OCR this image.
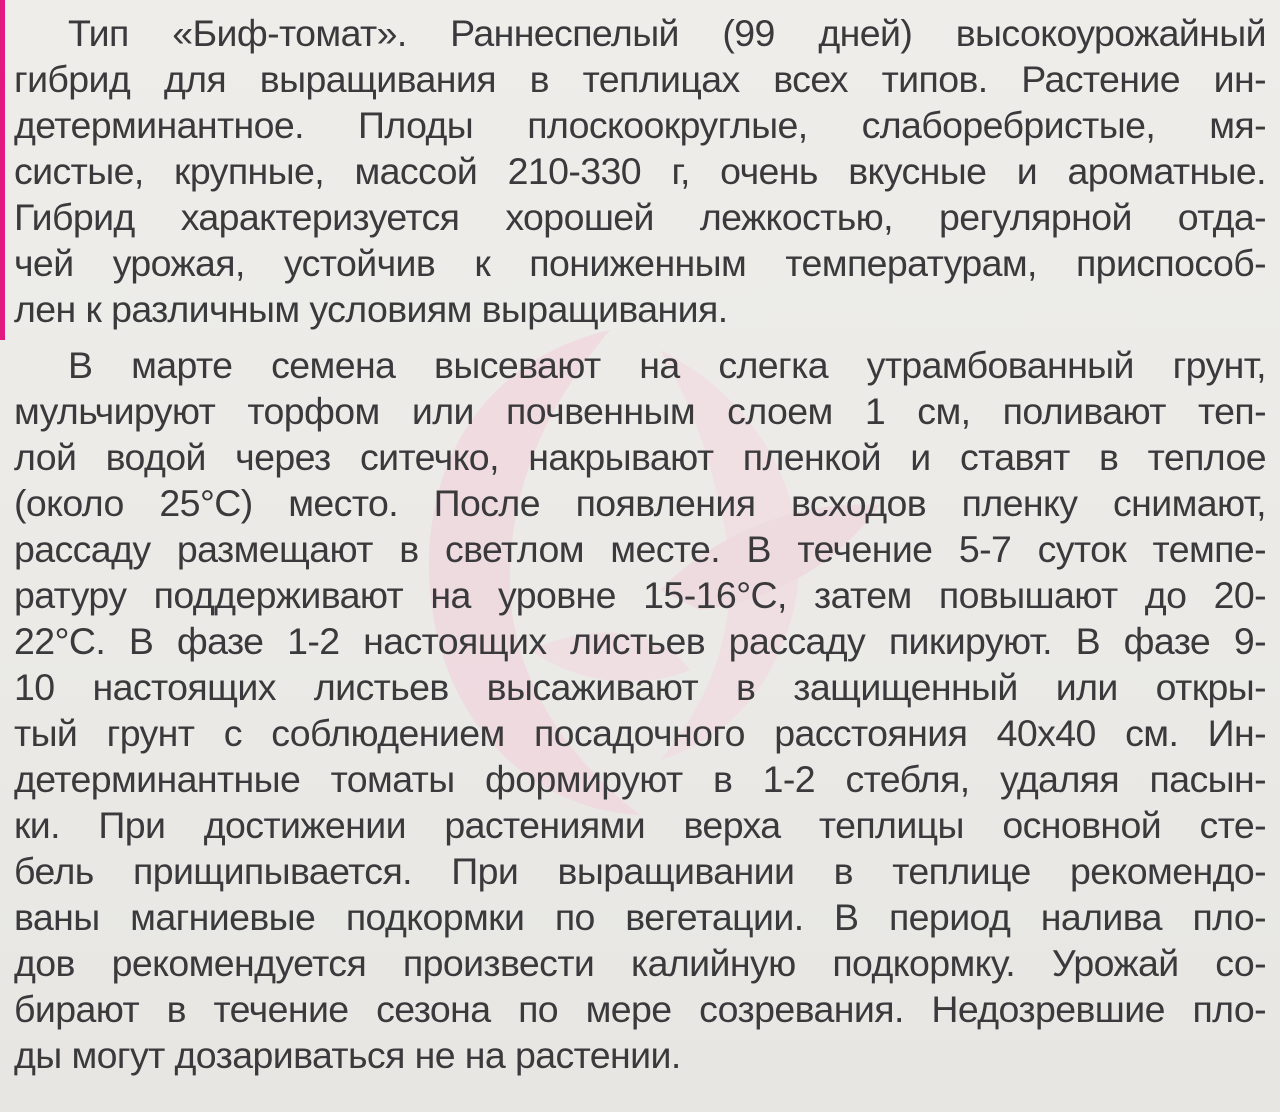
Тип «Биф-томат». Раннеспелый (99 дней) высокоурожайный
гибрид для выращивания в теплицах всех типов. Растение ин-
детерминантное. Плоды плоскоокруглые, слаборебристые, мя-
систые, крупные, массой 210-330 г, очень вкусные и ароматные.
Гибрид характеризуется хорошей лежкостью, регулярной отда-
чей урожая, устойчив к пониженным температурам, приспособ-
лен к различным условиям выращивания.
В марте семена высевают на слегка утрамбованный грунт,
мульчируют торфом или почвенным слоем 1 см, поливают теп-
лой водой через ситечко, накрывают пленкой и ставят в теплое
(около 25°С) место. После появления всходов пленку снимают,
рассаду размещают в светлом месте. В течение 5-7 суток темпе-
ратуру поддерживают на уровне 15-16°С, затем повышают до 20-
22°С. В фазе 1-2 настоящих листьев рассаду пикируют. В фазе 9-
10 настоящих листьев высаживают в защищенный или откры-
тый грунт с соблюдением посадочного расстояния 40x40 см. Ин-
детерминантные томаты формируют в 1-2 стебля, удаляя пасын-
ки. При достижении растениями верха теплицы основной сте-
бель прищипывается. При выращивании в теплице рекомендо-
ваны магниевые подкормки по вегетации. В период налива пло-
дов рекомендуется произвести калийную подкормку. Урожай со-
бирают в течение сезона по мере созревания. Недозревшие пло-
ды могут дозариваться не на растении.
